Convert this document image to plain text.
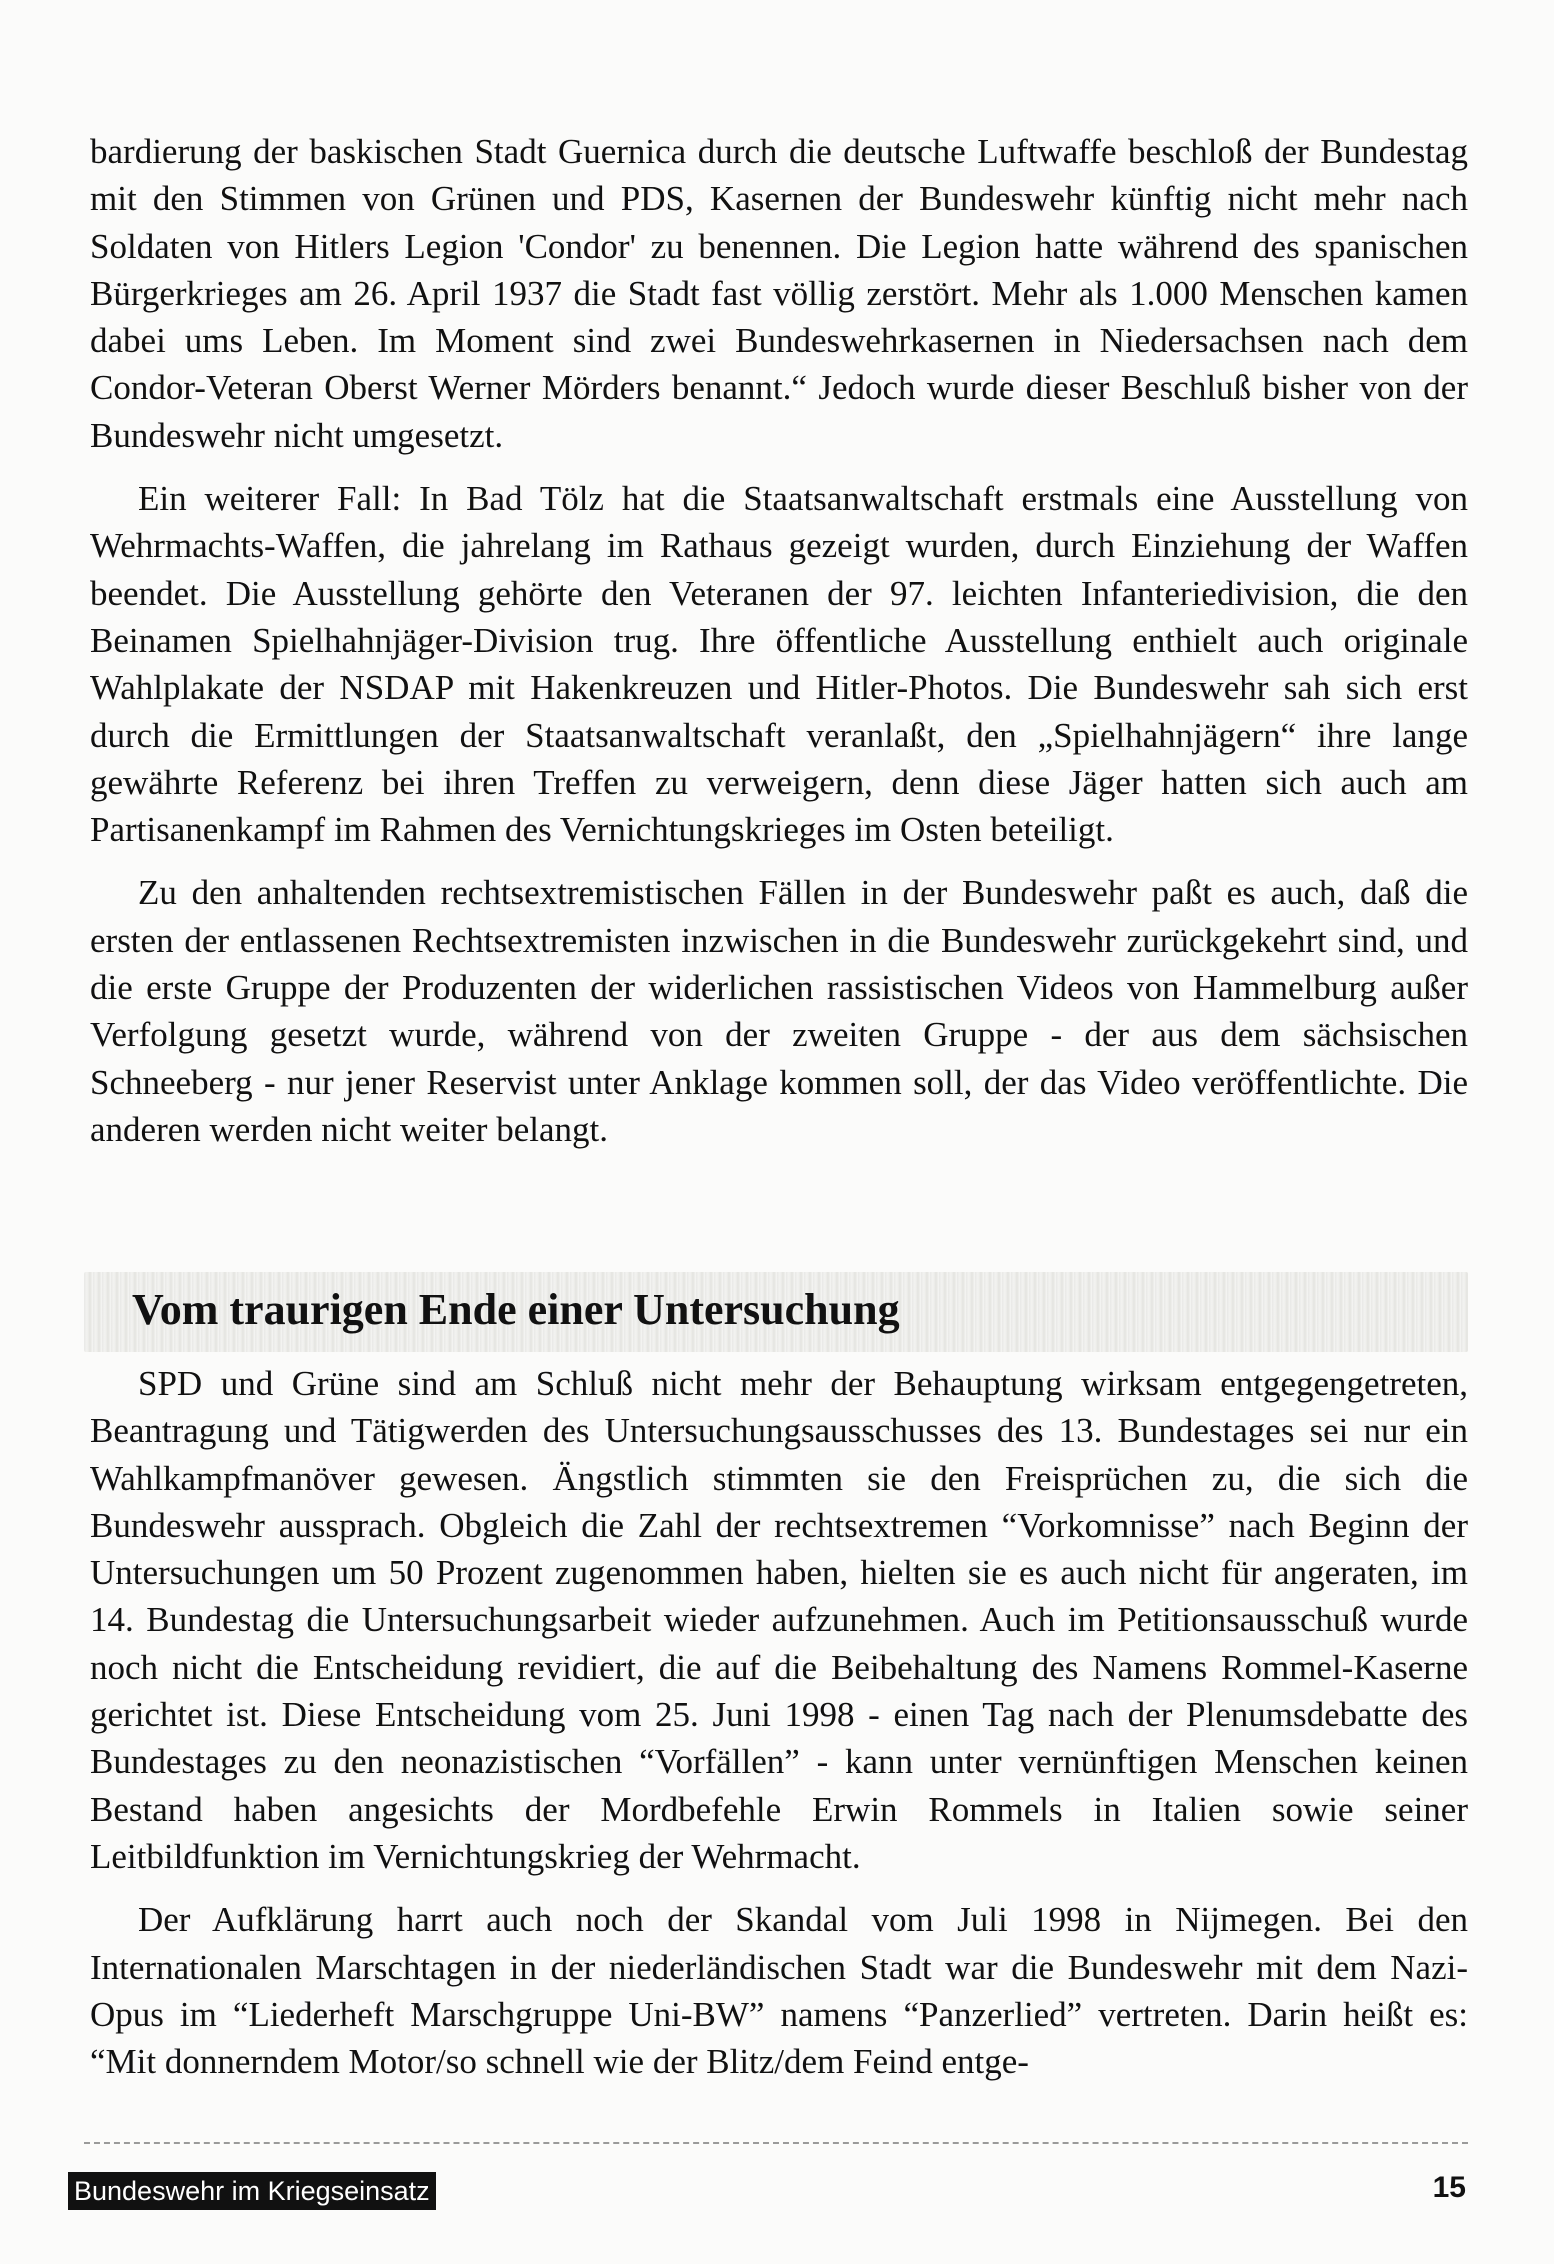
bardierung der baskischen Stadt Guernica durch die deutsche Luftwaffe beschloß der Bundestag mit den Stimmen von Grünen und PDS, Kasernen der Bundeswehr künftig nicht mehr nach Soldaten von Hitlers Legion 'Condor' zu benennen. Die Legion hatte während des spanischen Bürgerkrieges am 26. April 1937 die Stadt fast völlig zerstört. Mehr als 1.000 Menschen kamen dabei ums Leben. Im Moment sind zwei Bundeswehrkasernen in Niedersachsen nach dem Condor-Veteran Oberst Werner Mörders benannt.“ Jedoch wurde dieser Beschluß bisher von der Bundeswehr nicht umgesetzt.

Ein weiterer Fall: In Bad Tölz hat die Staatsanwaltschaft erstmals eine Ausstellung von Wehrmachts-Waffen, die jahrelang im Rathaus gezeigt wurden, durch Einziehung der Waffen beendet. Die Ausstellung gehörte den Veteranen der 97. leichten Infanteriedivision, die den Beinamen Spielhahnjäger-Division trug. Ihre öffentliche Ausstellung enthielt auch originale Wahlplakate der NSDAP mit Hakenkreuzen und Hitler-Photos. Die Bundeswehr sah sich erst durch die Ermittlungen der Staatsanwaltschaft veranlaßt, den „Spielhahnjägern“ ihre lange gewährte Referenz bei ihren Treffen zu verweigern, denn diese Jäger hatten sich auch am Partisanenkampf im Rahmen des Vernichtungskrieges im Osten beteiligt.

Zu den anhaltenden rechtsextremistischen Fällen in der Bundeswehr paßt es auch, daß die ersten der entlassenen Rechtsextremisten inzwischen in die Bundeswehr zurückgekehrt sind, und die erste Gruppe der Produzenten der widerlichen rassistischen Videos von Hammelburg außer Verfolgung gesetzt wurde, während von der zweiten Gruppe - der aus dem sächsischen Schneeberg - nur jener Reservist unter Anklage kommen soll, der das Video veröffentlichte. Die anderen werden nicht weiter belangt.

Vom traurigen Ende einer Untersuchung

SPD und Grüne sind am Schluß nicht mehr der Behauptung wirksam entgegengetreten, Beantragung und Tätigwerden des Untersuchungsausschusses des 13. Bundestages sei nur ein Wahlkampfmanöver gewesen. Ängstlich stimmten sie den Freisprüchen zu, die sich die Bundeswehr aussprach. Obgleich die Zahl der rechtsextremen “Vorkomnisse” nach Beginn der Untersuchungen um 50 Prozent zugenommen haben, hielten sie es auch nicht für angeraten, im 14. Bundestag die Untersuchungsarbeit wieder aufzunehmen. Auch im Petitionsausschuß wurde noch nicht die Entscheidung revidiert, die auf die Beibehaltung des Namens Rommel-Kaserne gerichtet ist. Diese Entscheidung vom 25. Juni 1998 - einen Tag nach der Plenumsdebatte des Bundestages zu den neonazistischen “Vorfällen” - kann unter vernünftigen Menschen keinen Bestand haben angesichts der Mordbefehle Erwin Rommels in Italien sowie seiner Leitbildfunktion im Vernichtungskrieg der Wehrmacht.

Der Aufklärung harrt auch noch der Skandal vom Juli 1998 in Nijmegen. Bei den Internationalen Marschtagen in der niederländischen Stadt war die Bundeswehr mit dem Nazi-Opus im “Liederheft Marschgruppe Uni-BW” namens “Panzerlied” vertreten. Darin heißt es: “Mit donnerndem Motor/so schnell wie der Blitz/dem Feind entge-

Bundeswehr im Kriegseinsatz	15
